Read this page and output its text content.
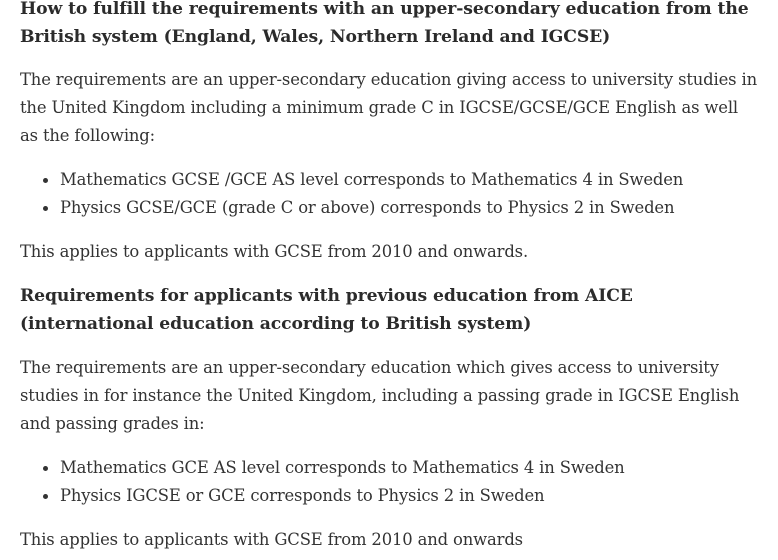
How to fulfill the requirements with an upper-secondary education from the British system (England, Wales, Northern Ireland and IGCSE)

The requirements are an upper-secondary education giving access to university studies in the United Kingdom including a minimum grade C in IGCSE/GCSE/GCE English as well as the following:

Mathematics GCSE /GCE AS level corresponds to Mathematics 4 in Sweden
Physics GCSE/GCE (grade C or above) corresponds to Physics 2 in Sweden

This applies to applicants with GCSE from 2010 and onwards.

Requirements for applicants with previous education from AICE (international education according to British system)

The requirements are an upper-secondary education which gives access to university studies in for instance the United Kingdom, including a passing grade in IGCSE English and passing grades in:

Mathematics GCE AS level corresponds to Mathematics 4 in Sweden
Physics IGCSE or GCE corresponds to Physics 2 in Sweden

This applies to applicants with GCSE from 2010 and onwards
